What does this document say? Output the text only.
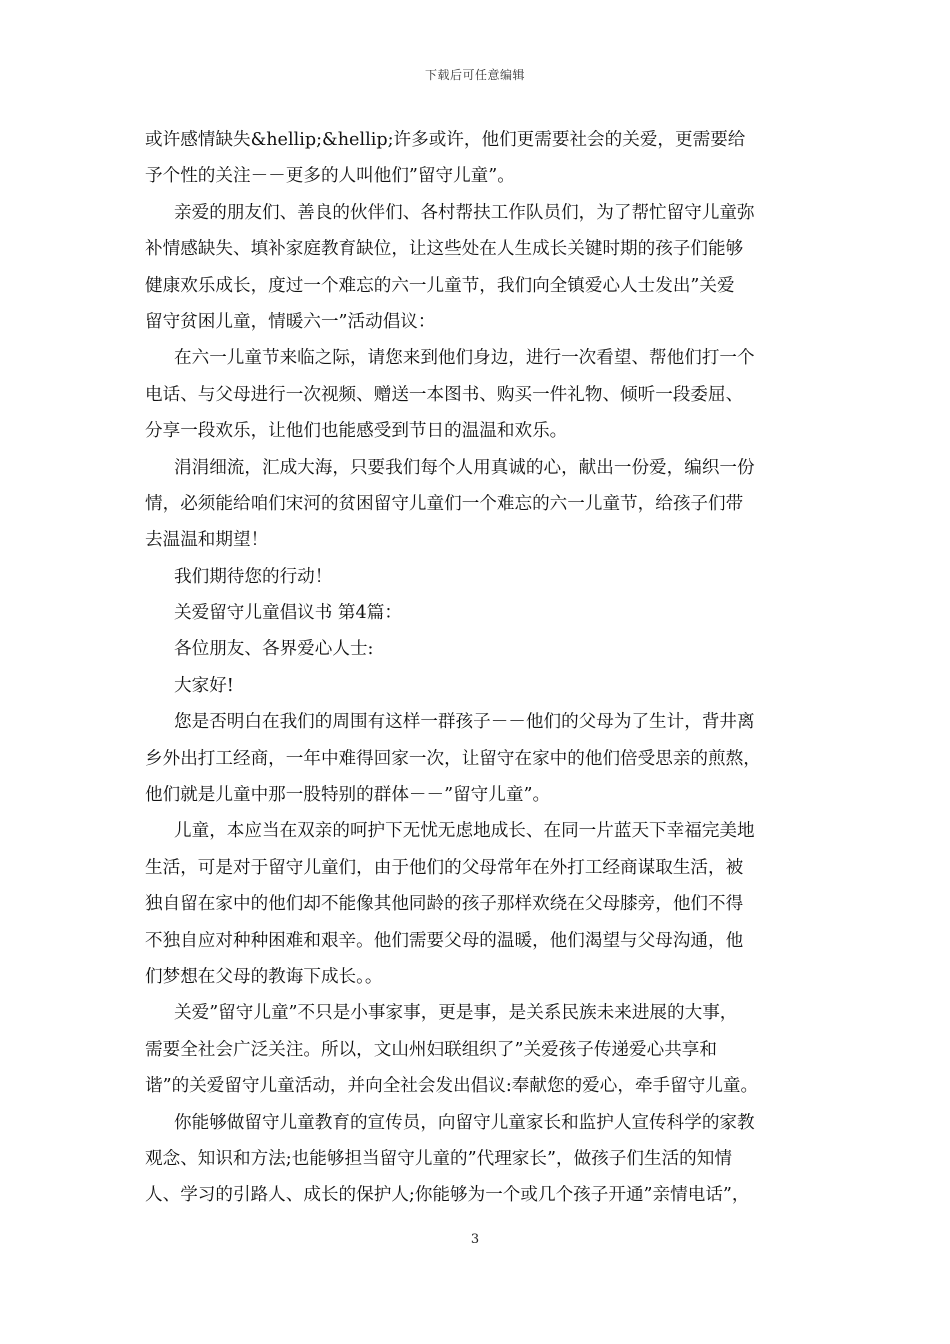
下载后可任意编辑
或许感情缺失&hellip;&hellip;许多或许，他们更需要社会的关爱，更需要给
予个性的关注－－更多的人叫他们”留守儿童”。
亲爱的朋友们、善良的伙伴们、各村帮扶工作队员们，为了帮忙留守儿童弥
补情感缺失、填补家庭教育缺位，让这些处在人生成长关键时期的孩子们能够
健康欢乐成长，度过一个难忘的六一儿童节，我们向全镇爱心人士发出”关爱
留守贫困儿童，情暖六一”活动倡议：
在六一儿童节来临之际，请您来到他们身边，进行一次看望、帮他们打一个
电话、与父母进行一次视频、赠送一本图书、购买一件礼物、倾听一段委屈、
分享一段欢乐，让他们也能感受到节日的温温和欢乐。
涓涓细流，汇成大海，只要我们每个人用真诚的心，献出一份爱，编织一份
情，必须能给咱们宋河的贫困留守儿童们一个难忘的六一儿童节，给孩子们带
去温温和期望！
我们期待您的行动！
关爱留守儿童倡议书 第4篇：
各位朋友、各界爱心人士:
大家好!
您是否明白在我们的周围有这样一群孩子－－他们的父母为了生计，背井离
乡外出打工经商，一年中难得回家一次，让留守在家中的他们倍受思亲的煎熬，
他们就是儿童中那一股特别的群体－－”留守儿童”。
儿童，本应当在双亲的呵护下无忧无虑地成长、在同一片蓝天下幸福完美地
生活，可是对于留守儿童们，由于他们的父母常年在外打工经商谋取生活，被
独自留在家中的他们却不能像其他同龄的孩子那样欢绕在父母膝旁，他们不得
不独自应对种种困难和艰辛。他们需要父母的温暖，他们渴望与父母沟通，他
们梦想在父母的教诲下成长。。
关爱”留守儿童”不只是小事家事，更是事，是关系民族未来进展的大事，
需要全社会广泛关注。所以，文山州妇联组织了”关爱孩子传递爱心共享和
谐”的关爱留守儿童活动，并向全社会发出倡议:奉献您的爱心，牵手留守儿童。
你能够做留守儿童教育的宣传员，向留守儿童家长和监护人宣传科学的家教
观念、知识和方法;也能够担当留守儿童的”代理家长”，做孩子们生活的知情
人、学习的引路人、成长的保护人;你能够为一个或几个孩子开通”亲情电话”，
3
